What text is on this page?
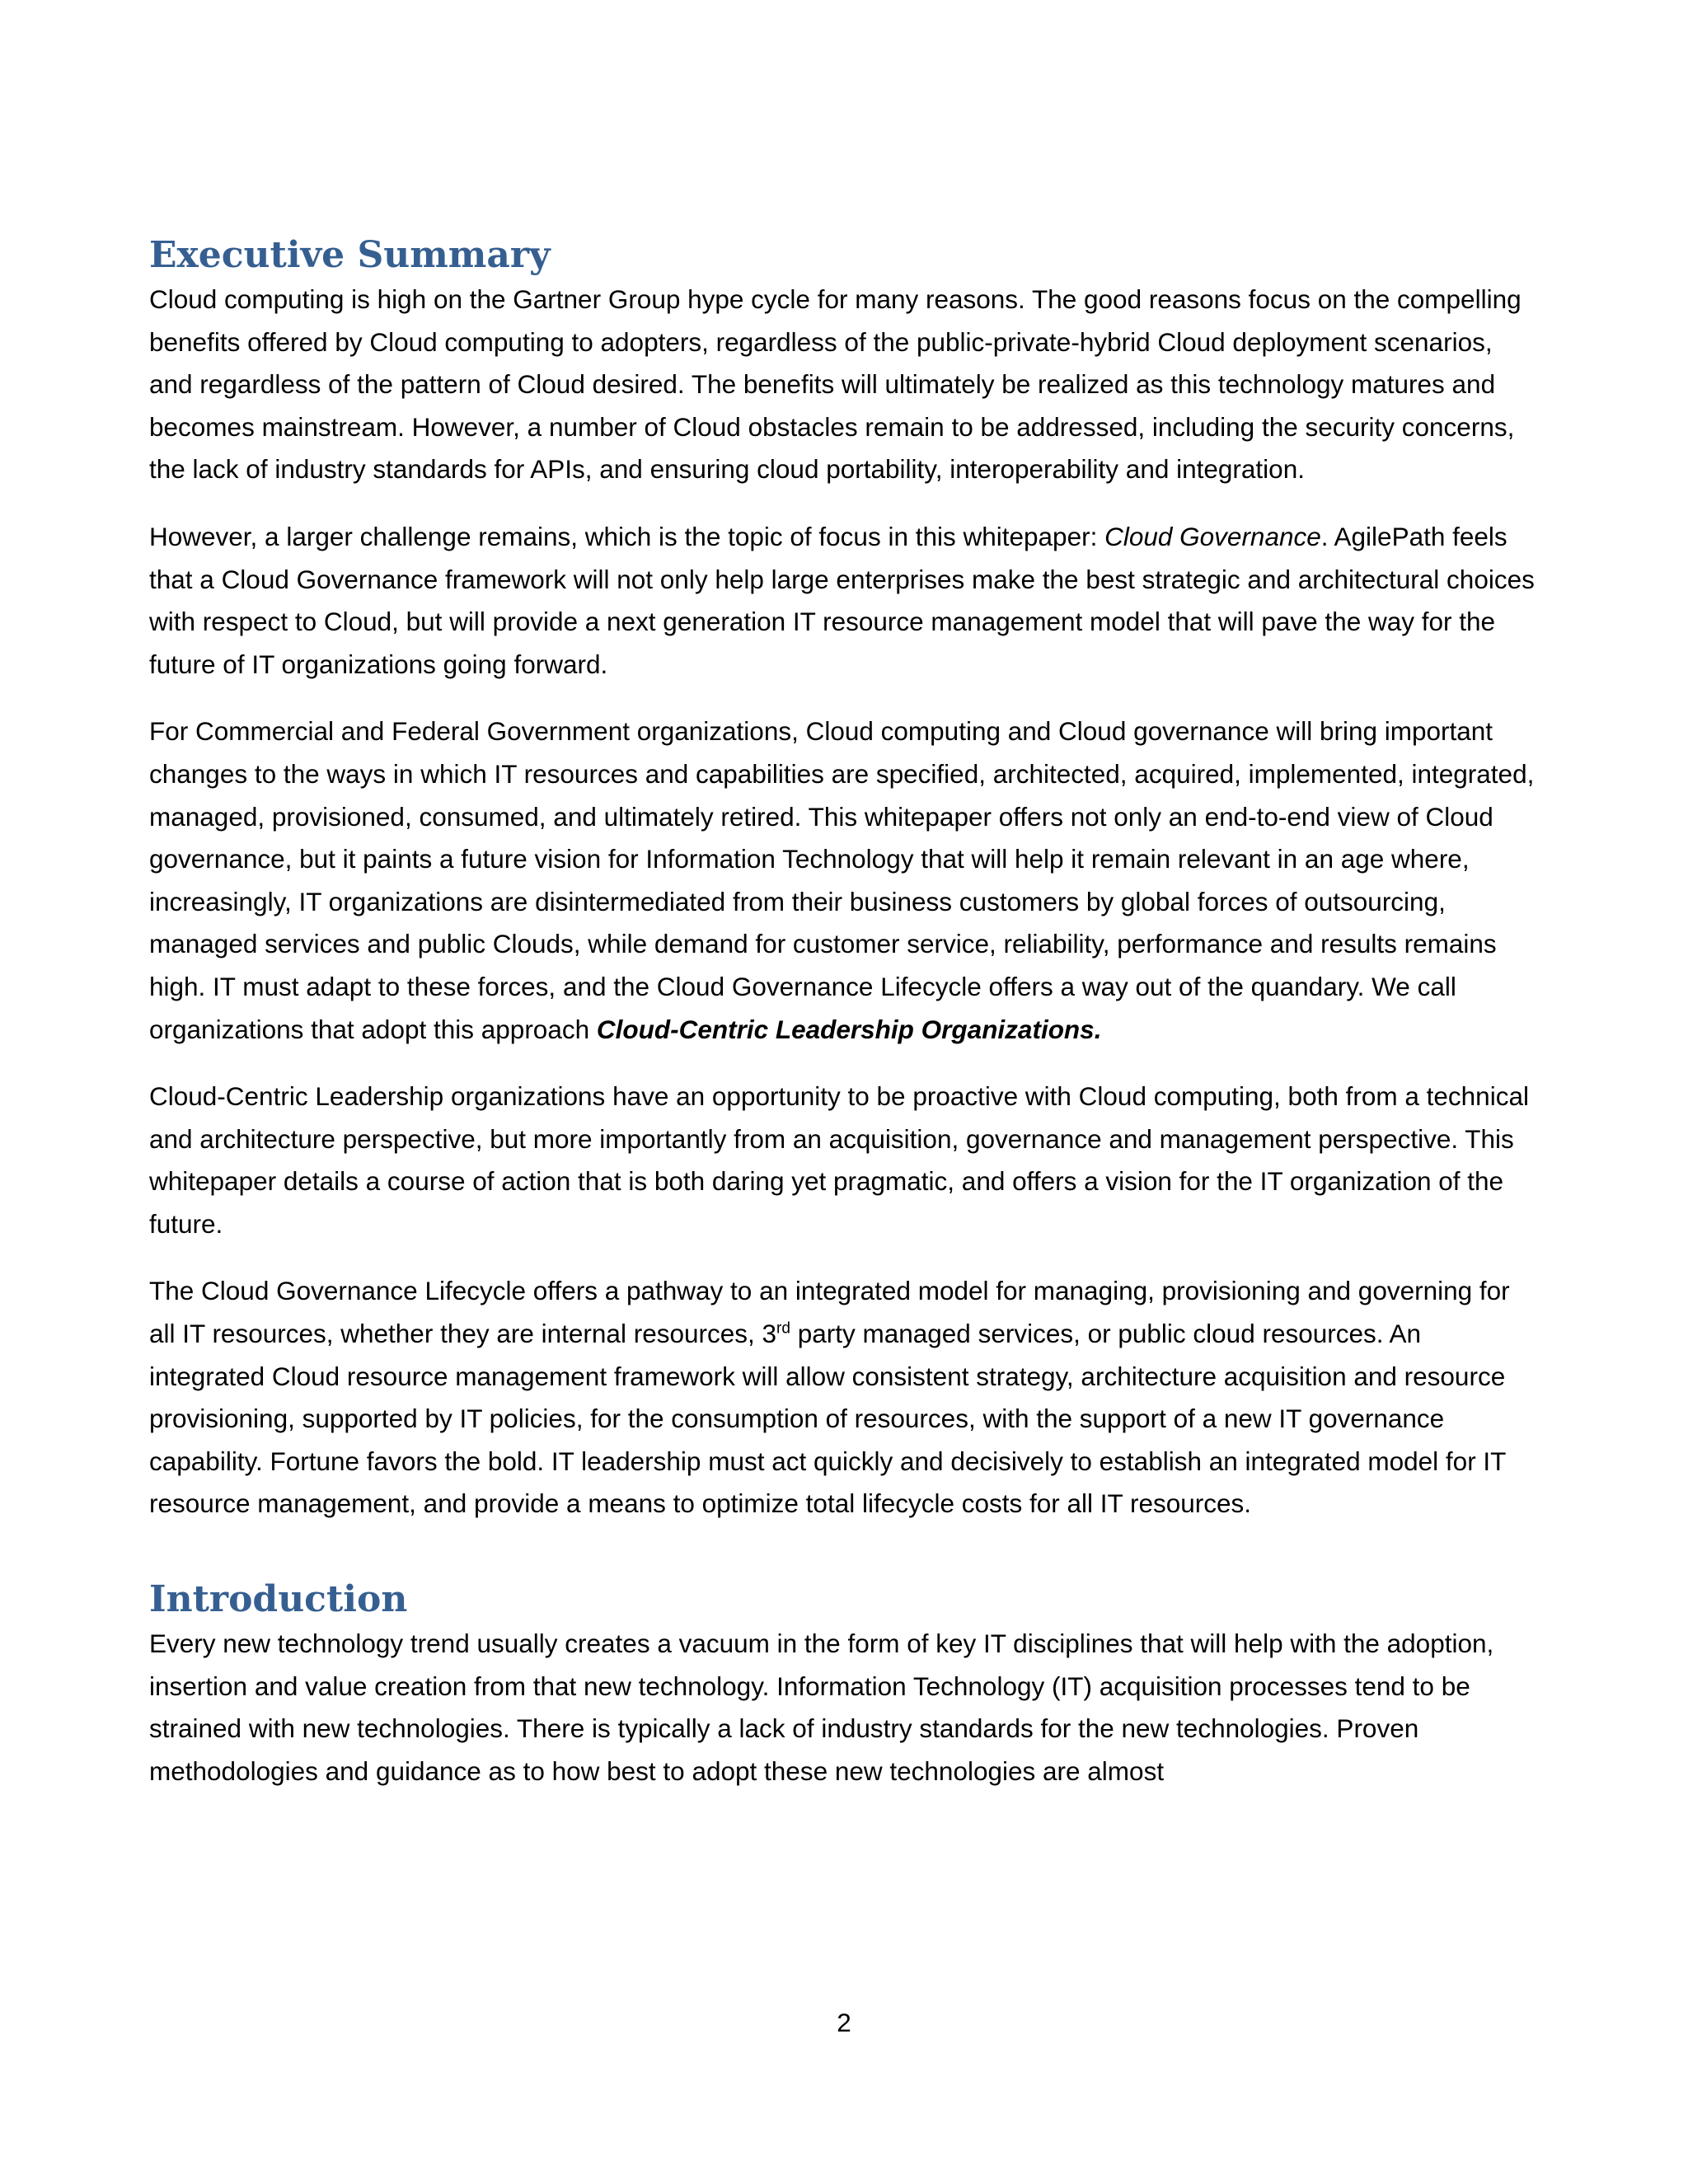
Executive Summary

Cloud computing is high on the Gartner Group hype cycle for many reasons. The good reasons focus on the compelling benefits offered by Cloud computing to adopters, regardless of the public-private-hybrid Cloud deployment scenarios, and regardless of the pattern of Cloud desired. The benefits will ultimately be realized as this technology matures and becomes mainstream. However, a number of Cloud obstacles remain to be addressed, including the security concerns, the lack of industry standards for APIs, and ensuring cloud portability, interoperability and integration.

However, a larger challenge remains, which is the topic of focus in this whitepaper: Cloud Governance. AgilePath feels that a Cloud Governance framework will not only help large enterprises make the best strategic and architectural choices with respect to Cloud, but will provide a next generation IT resource management model that will pave the way for the future of IT organizations going forward.

For Commercial and Federal Government organizations, Cloud computing and Cloud governance will bring important changes to the ways in which IT resources and capabilities are specified, architected, acquired, implemented, integrated, managed, provisioned, consumed, and ultimately retired. This whitepaper offers not only an end-to-end view of Cloud governance, but it paints a future vision for Information Technology that will help it remain relevant in an age where, increasingly, IT organizations are disintermediated from their business customers by global forces of outsourcing, managed services and public Clouds, while demand for customer service, reliability, performance and results remains high. IT must adapt to these forces, and the Cloud Governance Lifecycle offers a way out of the quandary. We call organizations that adopt this approach Cloud-Centric Leadership Organizations.

Cloud-Centric Leadership organizations have an opportunity to be proactive with Cloud computing, both from a technical and architecture perspective, but more importantly from an acquisition, governance and management perspective. This whitepaper details a course of action that is both daring yet pragmatic, and offers a vision for the IT organization of the future.

The Cloud Governance Lifecycle offers a pathway to an integrated model for managing, provisioning and governing for all IT resources, whether they are internal resources, 3rd party managed services, or public cloud resources. An integrated Cloud resource management framework will allow consistent strategy, architecture acquisition and resource provisioning, supported by IT policies, for the consumption of resources, with the support of a new IT governance capability. Fortune favors the bold. IT leadership must act quickly and decisively to establish an integrated model for IT resource management, and provide a means to optimize total lifecycle costs for all IT resources.

Introduction

Every new technology trend usually creates a vacuum in the form of key IT disciplines that will help with the adoption, insertion and value creation from that new technology. Information Technology (IT) acquisition processes tend to be strained with new technologies. There is typically a lack of industry standards for the new technologies. Proven methodologies and guidance as to how best to adopt these new technologies are almost

2
